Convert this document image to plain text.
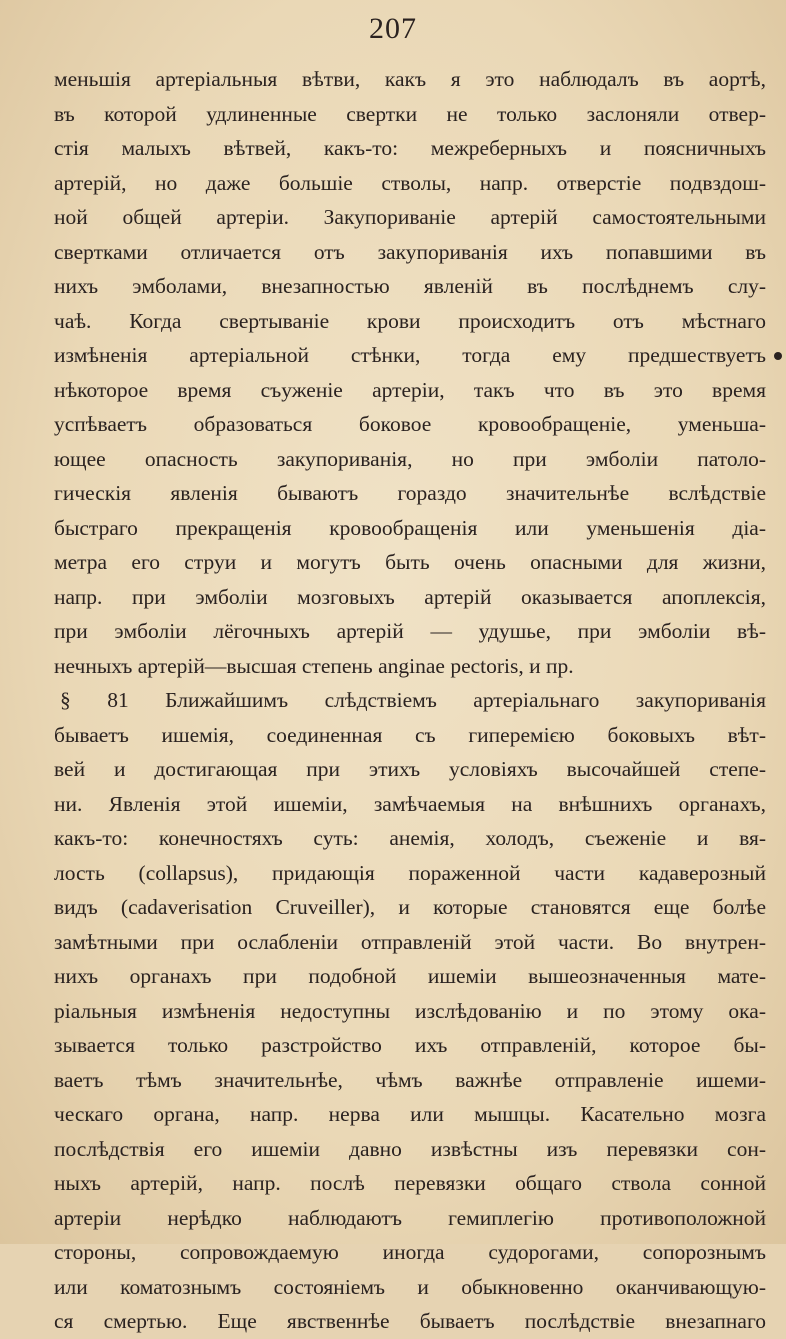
207
меньшія артеріальныя вѣтви, какъ я это наблюдалъ въ аортѣ,
въ которой удлиненные свертки не только заслоняли отвер-
стія малыхъ вѣтвей, какъ-то: межреберныхъ и поясничныхъ
артерій, но даже большіе стволы, напр. отверстіе подвздош-
ной общей артеріи. Закупориваніе артерій самостоятельными
свертками отличается отъ закупориванія ихъ попавшими въ
нихъ эмболами, внезапностью явленій въ послѣднемъ слу-
чаѣ. Когда свертываніе крови происходитъ отъ мѣстнаго
измѣненія артеріальной стѣнки, тогда ему предшествуетъ
нѣкоторое время съуженіе артеріи, такъ что въ это время
успѣваетъ образоваться боковое кровообращеніе, уменьша-
ющее опасность закупориванія, но при эмболіи патоло-
гическія явленія бываютъ гораздо значительнѣе вслѣдствіе
быстраго прекращенія кровообращенія или уменьшенія діа-
метра его струи и могутъ быть очень опасными для жизни,
напр. при эмболіи мозговыхъ артерій оказывается апоплексія,
при эмболіи лёгочныхъ артерій — удушье, при эмболіи вѣ-
нечныхъ артерій—высшая степень anginae pectoris, и пр.
§ 81 Ближайшимъ слѣдствіемъ артеріальнаго закупориванія
бываетъ ишемія, соединенная съ гиперемією боковыхъ вѣт-
вей и достигающая при этихъ условіяхъ высочайшей степе-
ни. Явленія этой ишеміи, замѣчаемыя на внѣшнихъ органахъ,
какъ-то: конечностяхъ суть: анемія, холодъ, съеженіе и вя-
лость (collapsus), придающія пораженной части кадаверозный
видъ (cadaverisation Cruveiller), и которые становятся еще болѣе
замѣтными при ослабленіи отправленій этой части. Во внутрен-
нихъ органахъ при подобной ишеміи вышеозначенныя мате-
ріальныя измѣненія недоступны изслѣдованію и по этому ока-
зывается только разстройство ихъ отправленій, которое бы-
ваетъ тѣмъ значительнѣе, чѣмъ важнѣе отправленіе ишеми-
ческаго органа, напр. нерва или мышцы. Касательно мозга
послѣдствія его ишеміи давно извѣстны изъ перевязки сон-
ныхъ артерій, напр. послѣ перевязки общаго ствола сонной
артеріи нерѣдко наблюдаютъ гемиплегію противоположной
стороны, сопровождаемую иногда судорогами, сопорознымъ
или коматознымъ состояніемъ и обыкновенно оканчивающую-
ся смертью. Еще явственнѣе бываетъ послѣдствіе внезапнаго
